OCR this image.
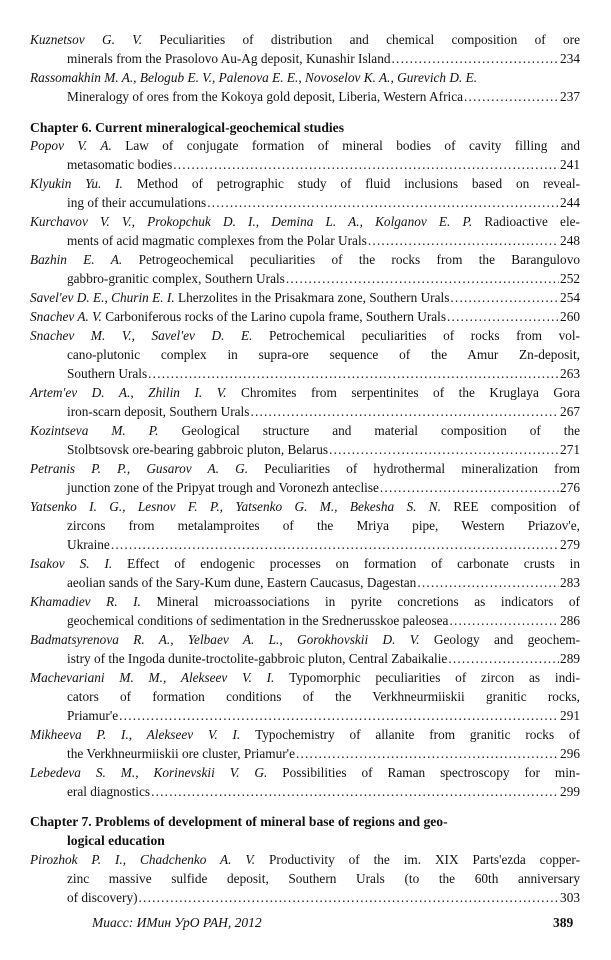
Kuznetsov G. V. Peculiarities of distribution and chemical composition of ore
minerals from the Prasolovo Au-Ag deposit, Kunashir Island .....	234
Rassomakhin M. A., Belogub E. V., Palenova E. E., Novoselov K. A., Gurevich D. E.
Mineralogy of ores from the Kokoya gold deposit, Liberia, Western Africa .....	237
Chapter 6. Current mineralogical-geochemical studies
Popov V. A. Law of conjugate formation of mineral bodies of cavity filling and
metasomatic bodies .....	241
Klyukin Yu. I. Method of petrographic study of fluid inclusions based on reveal-
ing of their accumulations .....	244
Kurchavov V. V., Prokopchuk D. I., Demina L. A., Kolganov E. P. Radioactive ele-
ments of acid magmatic complexes from the Polar Urals .....	248
Bazhin E. A. Petrogeochemical peculiarities of the rocks from the Barangulovo
gabbro-granitic complex, Southern Urals .....	252
Savel'ev D. E., Churin E. I. Lherzolites in the Prisakmara zone, Southern Urals .....	254
Snachev A. V. Carboniferous rocks of the Larino cupola frame, Southern Urals .....	260
Snachev M. V., Savel'ev D. E. Petrochemical peculiarities of rocks from vol-
cano-plutonic complex in supra-ore sequence of the Amur Zn-deposit,
Southern Urals .....	263
Artem'ev D. A., Zhilin I. V. Chromites from serpentinites of the Kruglaya Gora
iron-scarn deposit, Southern Urals .....	267
Kozintseva M. P. Geological structure and material composition of the
Stolbtsovsk ore-bearing gabbroic pluton, Belarus .....	271
Petranis P. P., Gusarov A. G. Peculiarities of hydrothermal mineralization from
junction zone of the Pripyat trough and Voronezh anteclise .....	276
Yatsenko I. G., Lesnov F. P., Yatsenko G. M., Bekesha S. N. REE composition of
zircons from metalamproites of the Mriya pipe, Western Priazov'e,
Ukraine .....	279
Isakov S. I. Effect of endogenic processes on formation of carbonate crusts in
aeolian sands of the Sary-Kum dune, Eastern Caucasus, Dagestan .....	283
Khamadiev R. I. Mineral microassociations in pyrite concretions as indicators of
geochemical conditions of sedimentation in the Srednerusskoe paleosea .....	286
Badmatsyrenova R. A., Yelbaev A. L., Gorokhovskii D. V. Geology and geochem-
istry of the Ingoda dunite-troctolite-gabbroic pluton, Central Zabaikalie .....	289
Machevariani M. M., Alekseev V. I. Typomorphic peculiarities of zircon as indi-
cators of formation conditions of the Verkhneurmiiskii granitic rocks,
Priamur'e .....	291
Mikheeva P. I., Alekseev V. I. Typochemistry of allanite from granitic rocks of
the Verkhneurmiiskii ore cluster, Priamur'e .....	296
Lebedeva S. M., Korinevskii V. G. Possibilities of Raman spectroscopy for min-
eral diagnostics .....	299
Chapter 7. Problems of development of mineral base of regions and geo-
logical education
Pirozhok P. I., Chadchenko A. V. Productivity of the im. XIX Parts'ezda copper-
zinc massive sulfide deposit, Southern Urals (to the 60th anniversary
of discovery) .....	303
Миасс: ИМин УрО РАН, 2012	389
